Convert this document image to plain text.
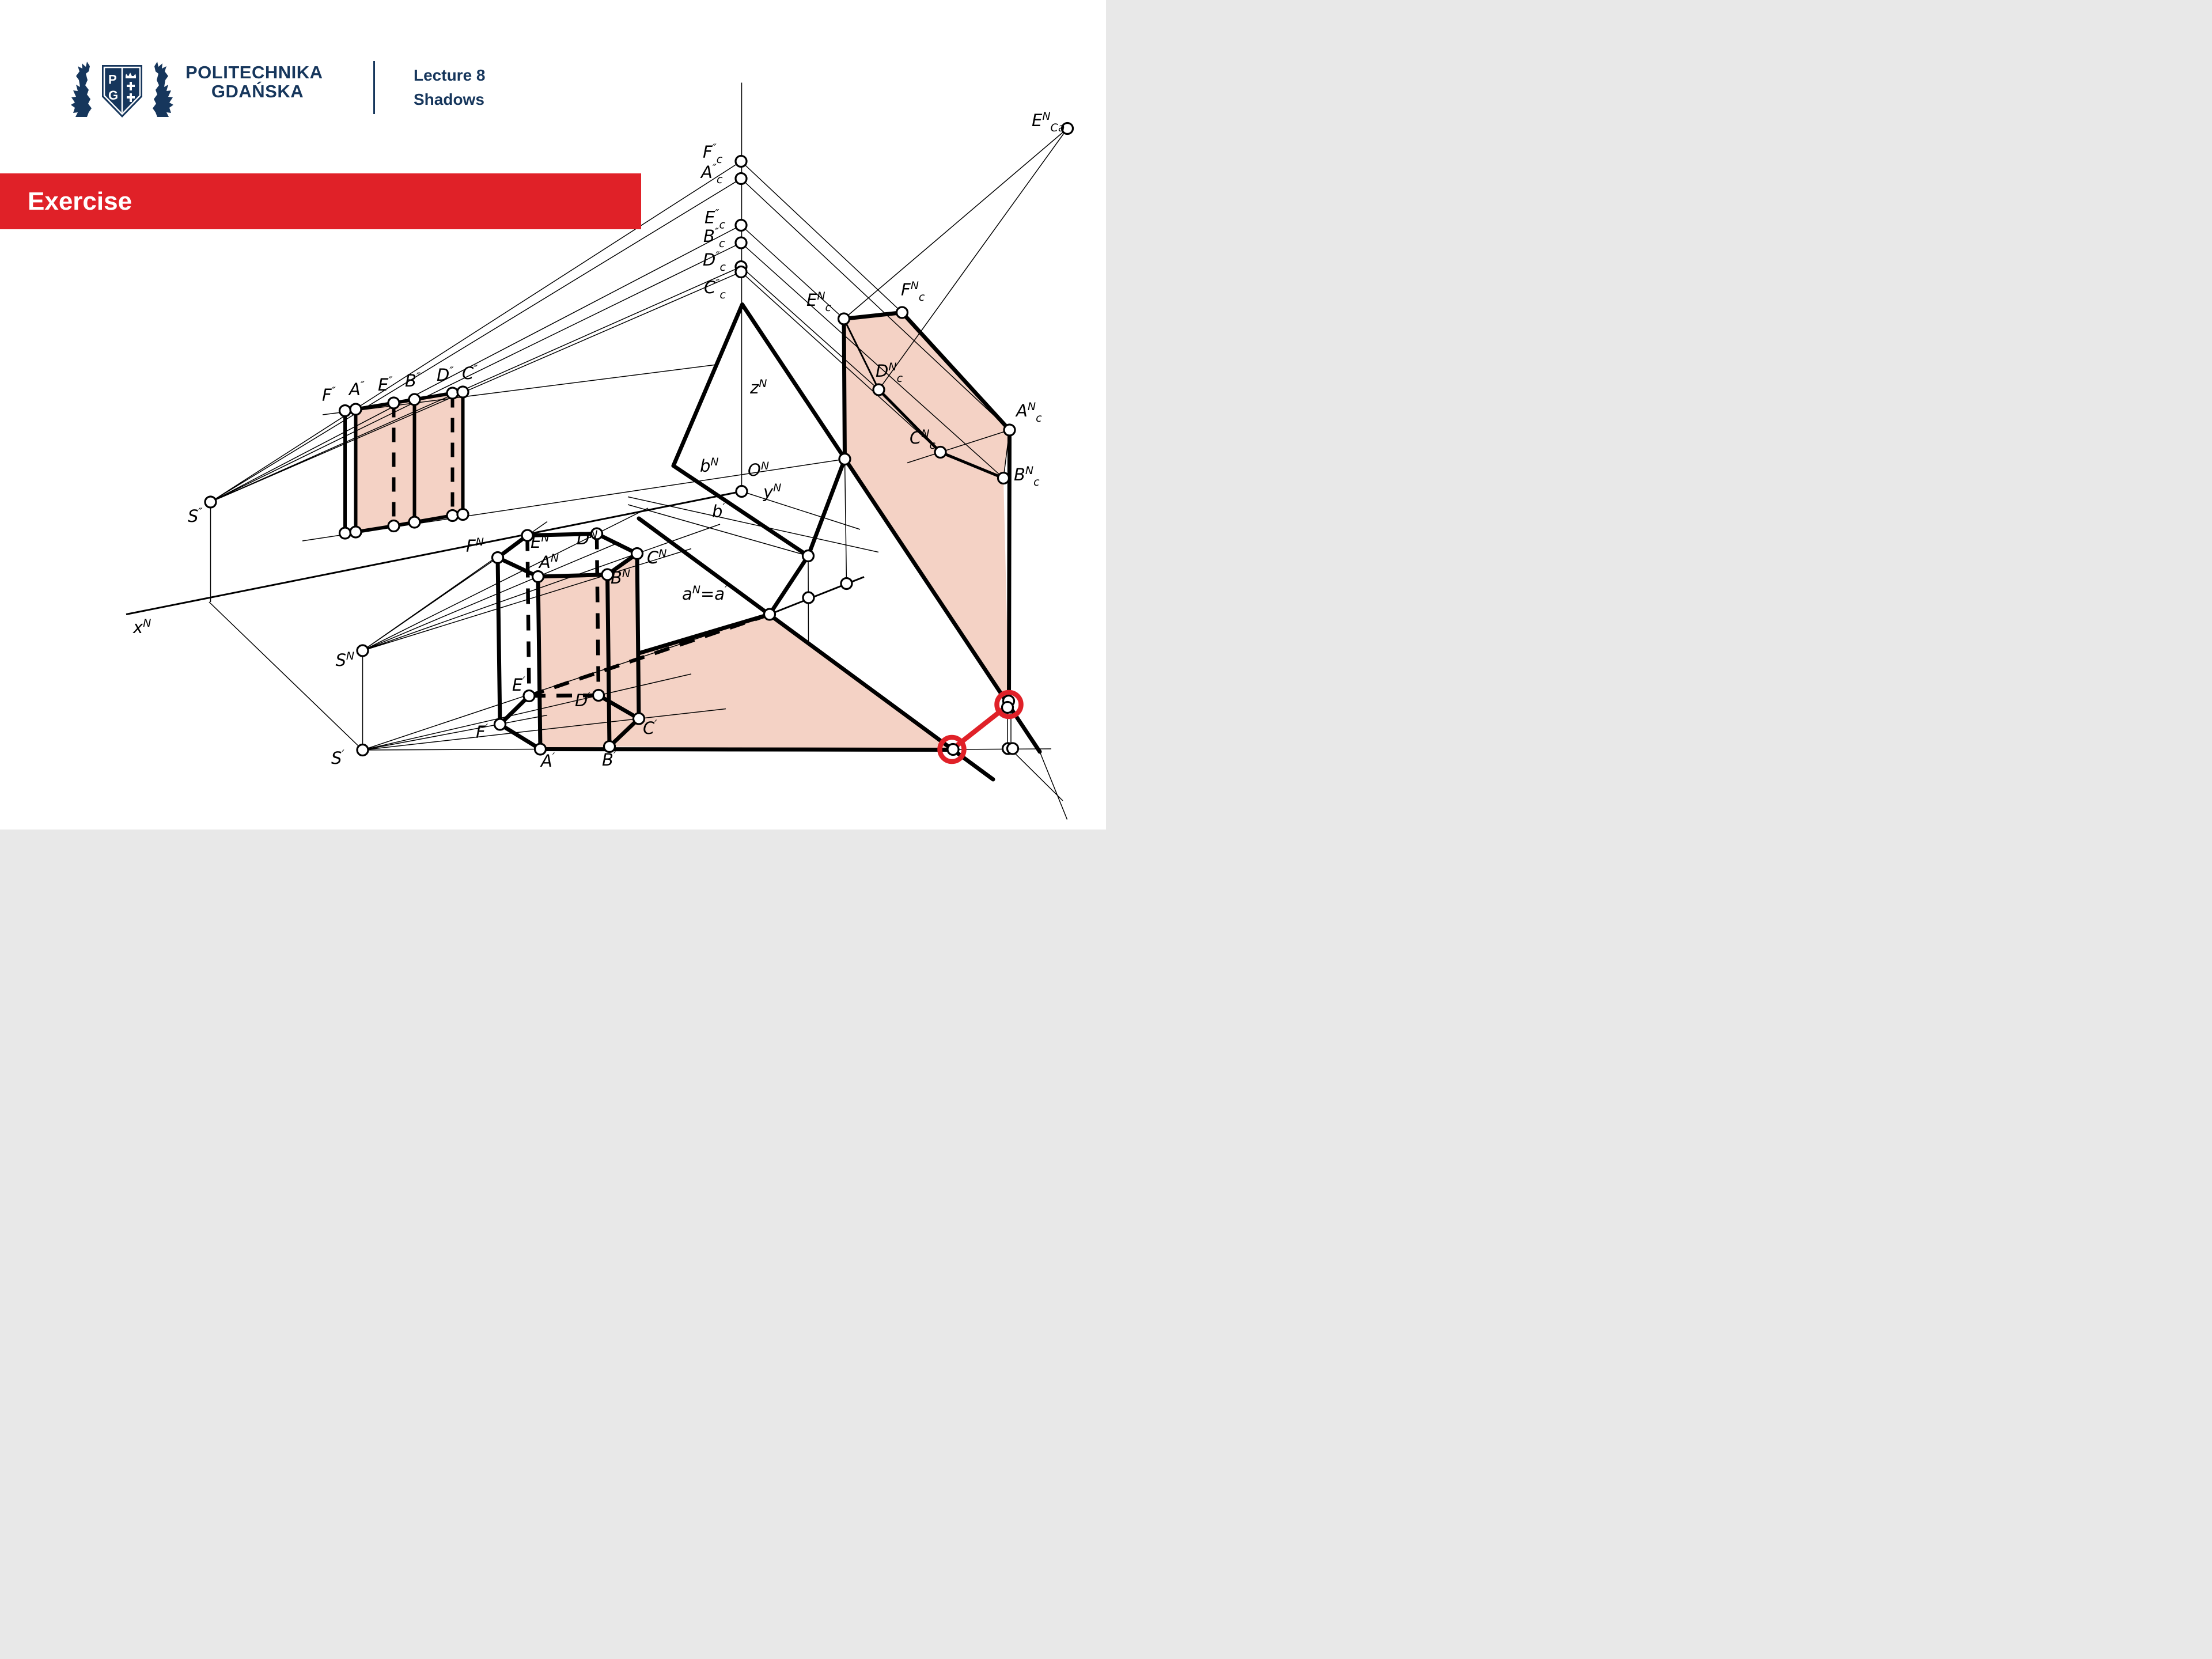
$F''_c$
$A''_c$
$E''_c$
$B''_c$
$D''_c$
$C''_c$
$E^N_{Ca}$
$E^N_c$
$F^N_c$
$D^N_c$
$C^N_c$
$A^N_c$
$B^N_c$
S″
$S^N$
S′
F″ A″ E″ B″ D″ C″
$F^N$ $E^N$ $D^N$
$A^N$
$B^N$
$C^N$
F′
E′
D′
A′ B′
C′
$x^N$
$z^N$
$b^N$ $O^N$
$y^N$
b′
$a^N=a'$
P
G
POLITECHNIKA
GDAŃSKA
Lecture 8
Shadows
Exercise
